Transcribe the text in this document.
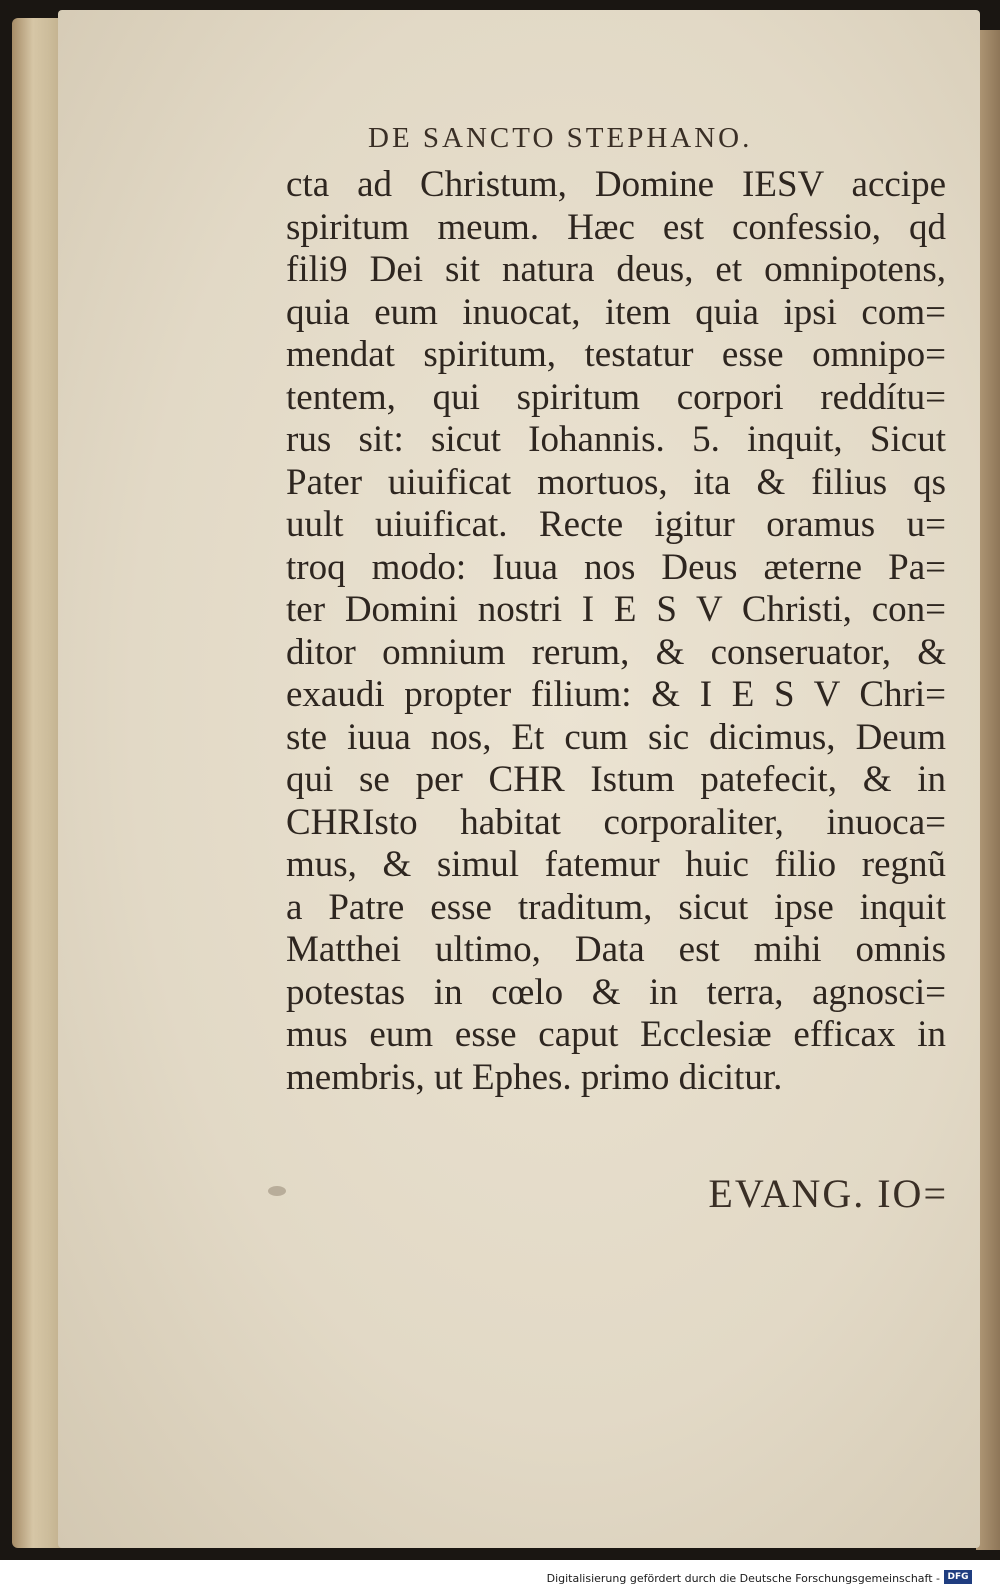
DE SANCTO STEPHANO.
cta ad Christum, Domine IESV accipe
spiritum meum. Hæc est confessio, qd
fili9 Dei sit natura deus, et omnipotens,
quia eum inuocat, item quia ipsi com=
mendat spiritum, testatur esse omnipo=
tentem, qui spiritum corpori reddítu=
rus sit: sicut Iohannis. 5. inquit, Sicut
Pater uiuificat mortuos, ita & filius qs
uult uiuificat. Recte igitur oramus u=
troq modo: Iuua nos Deus æterne Pa=
ter Domini nostri I E S V Christi, con=
ditor omnium rerum, & conseruator, &
exaudi propter filium: & I E S V Chri=
ste iuua nos, Et cum sic dicimus, Deum
qui se per CHR Istum patefecit, & in
CHRIsto habitat corporaliter, inuoca=
mus, & simul fatemur huic filio regnũ
a Patre esse traditum, sicut ipse inquit
Matthei ultimo, Data est mihi omnis
potestas in cœlo & in terra, agnosci=
mus eum esse caput Ecclesiæ efficax in
membris, ut Ephes. primo dicitur.
EVANG. IO=
Digitalisierung gefördert durch die Deutsche Forschungsgemeinschaft - DFG
